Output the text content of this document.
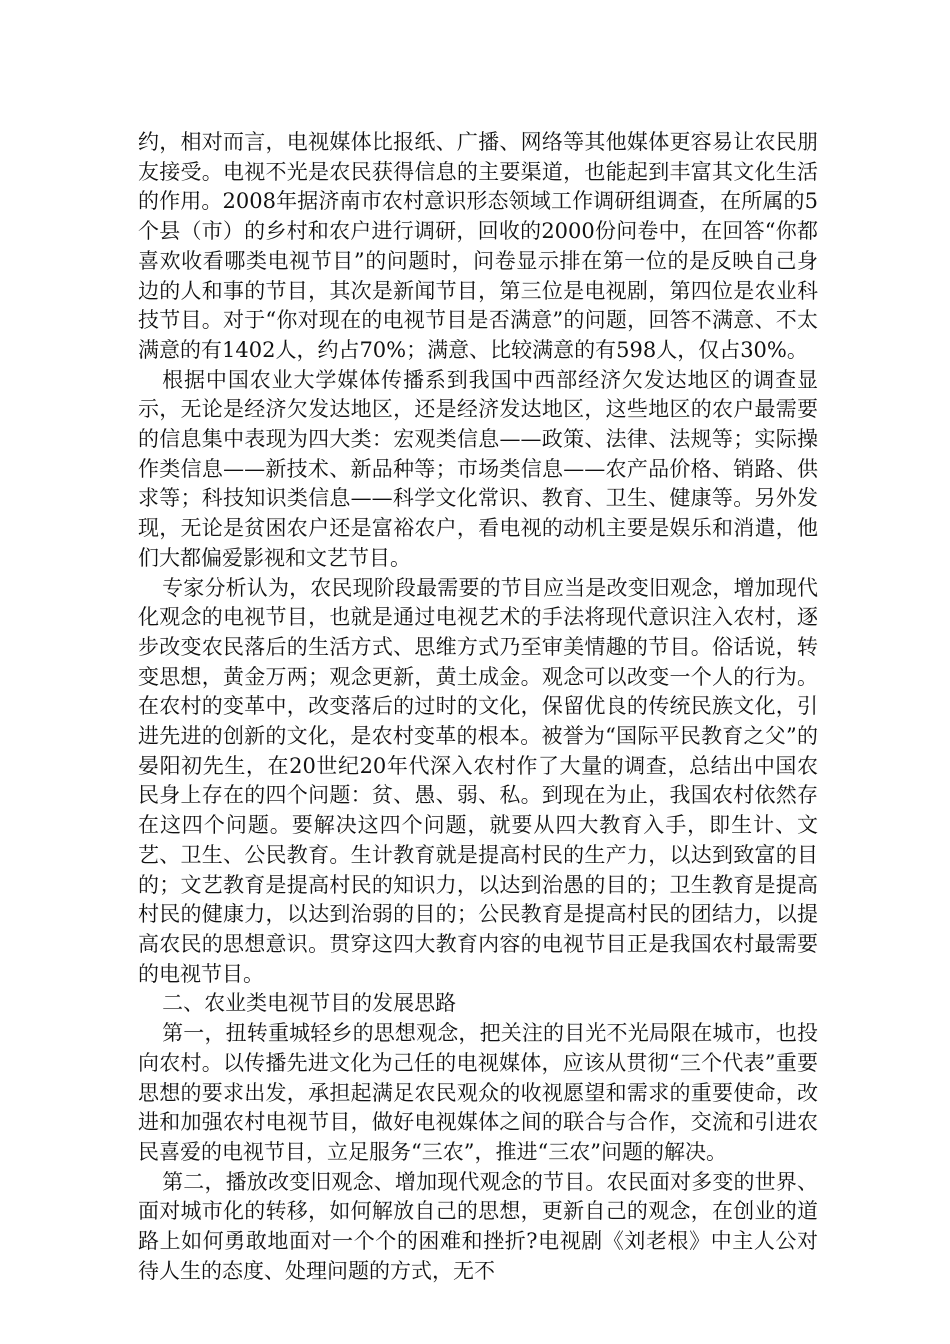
约，相对而言，电视媒体比报纸、广播、网络等其他媒体更容易让农民朋友接受。电视不光是农民获得信息的主要渠道，也能起到丰富其文化生活的作用。2008年据济南市农村意识形态领域工作调研组调查，在所属的5个县（市）的乡村和农户进行调研，回收的2000份问卷中，在回答“你都喜欢收看哪类电视节目”的问题时，问卷显示排在第一位的是反映自己身边的人和事的节目，其次是新闻节目，第三位是电视剧，第四位是农业科技节目。对于“你对现在的电视节目是否满意”的问题，回答不满意、不太满意的有1402人，约占70%；满意、比较满意的有598人，仅占30%。

根据中国农业大学媒体传播系到我国中西部经济欠发达地区的调查显示，无论是经济欠发达地区，还是经济发达地区，这些地区的农户最需要的信息集中表现为四大类：宏观类信息——政策、法律、法规等；实际操作类信息——新技术、新品种等；市场类信息——农产品价格、销路、供求等；科技知识类信息——科学文化常识、教育、卫生、健康等。另外发现，无论是贫困农户还是富裕农户，看电视的动机主要是娱乐和消遣，他们大都偏爱影视和文艺节目。

专家分析认为，农民现阶段最需要的节目应当是改变旧观念，增加现代化观念的电视节目，也就是通过电视艺术的手法将现代意识注入农村，逐步改变农民落后的生活方式、思维方式乃至审美情趣的节目。俗话说，转变思想，黄金万两；观念更新，黄土成金。观念可以改变一个人的行为。在农村的变革中，改变落后的过时的文化，保留优良的传统民族文化，引进先进的创新的文化，是农村变革的根本。被誉为“国际平民教育之父”的晏阳初先生，在20世纪20年代深入农村作了大量的调查，总结出中国农民身上存在的四个问题：贫、愚、弱、私。到现在为止，我国农村依然存在这四个问题。要解决这四个问题，就要从四大教育入手，即生计、文艺、卫生、公民教育。生计教育就是提高村民的生产力，以达到致富的目的；文艺教育是提高村民的知识力，以达到治愚的目的；卫生教育是提高村民的健康力，以达到治弱的目的；公民教育是提高村民的团结力，以提高农民的思想意识。贯穿这四大教育内容的电视节目正是我国农村最需要的电视节目。

二、农业类电视节目的发展思路

第一，扭转重城轻乡的思想观念，把关注的目光不光局限在城市，也投向农村。以传播先进文化为己任的电视媒体，应该从贯彻“三个代表”重要思想的要求出发，承担起满足农民观众的收视愿望和需求的重要使命，改进和加强农村电视节目，做好电视媒体之间的联合与合作，交流和引进农民喜爱的电视节目，立足服务“三农”，推进“三农”问题的解决。

第二，播放改变旧观念、增加现代观念的节目。农民面对多变的世界、面对城市化的转移，如何解放自己的思想，更新自己的观念，在创业的道路上如何勇敢地面对一个个的困难和挫折?电视剧《刘老根》中主人公对待人生的态度、处理问题的方式，无不
